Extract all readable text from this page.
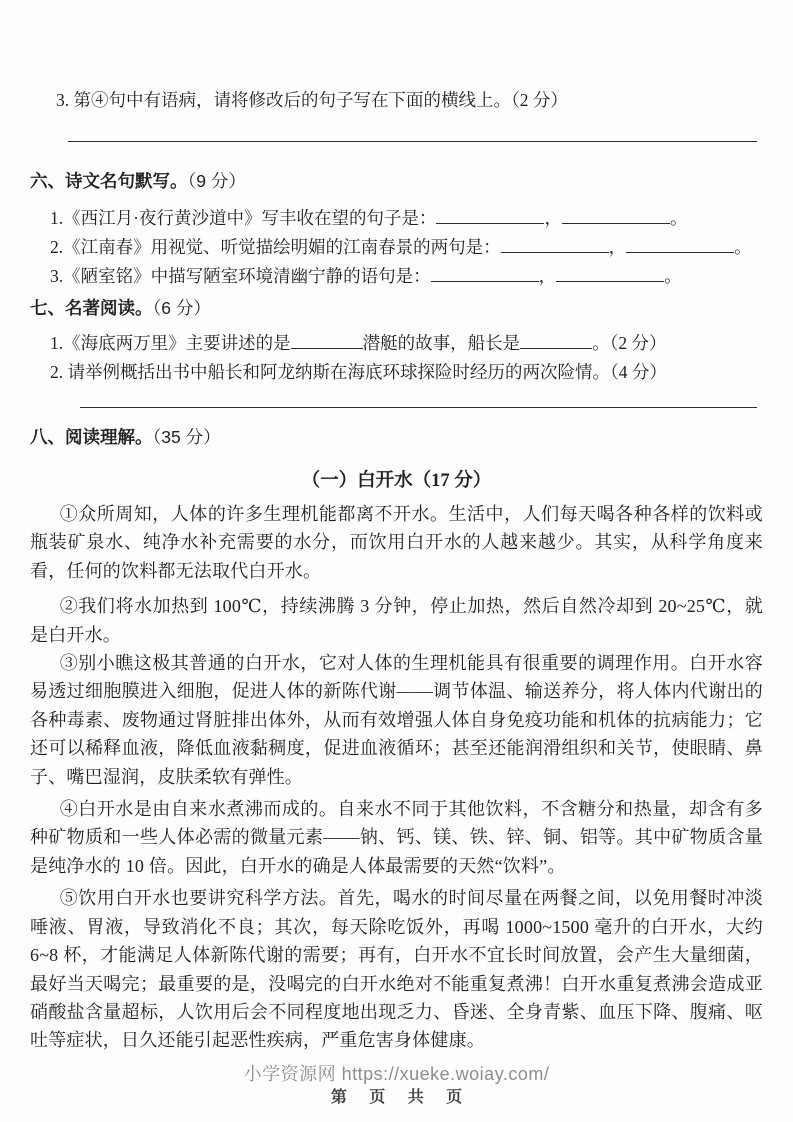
3. 第④句中有语病，请将修改后的句子写在下面的横线上。（2 分）
六、诗文名句默写。（9 分）
1.《西江月·夜行黄沙道中》写丰收在望的句子是：	，	。
2.《江南春》用视觉、听觉描绘明媚的江南春景的两句是：	，	。
3.《陋室铭》中描写陋室环境清幽宁静的语句是：	，	。
七、名著阅读。（6 分）
1.《海底两万里》主要讲述的是	潜艇的故事，船长是	。（2 分）
2. 请举例概括出书中船长和阿龙纳斯在海底环球探险时经历的两次险情。（4 分）
八、阅读理解。（35 分）
（一）白开水（17 分）

①众所周知，人体的许多生理机能都离不开水。生活中，人们每天喝各种各样的饮料或瓶装矿泉水、纯净水补充需要的水分，而饮用白开水的人越来越少。其实，从科学角度来看，任何的饮料都无法取代白开水。

②我们将水加热到 100℃，持续沸腾 3 分钟，停止加热，然后自然冷却到 20~25℃，就是白开水。

③别小瞧这极其普通的白开水，它对人体的生理机能具有很重要的调理作用。白开水容易透过细胞膜进入细胞，促进人体的新陈代谢——调节体温、输送养分，将人体内代谢出的各种毒素、废物通过肾脏排出体外，从而有效增强人体自身免疫功能和机体的抗病能力；它还可以稀释血液，降低血液黏稠度，促进血液循环；甚至还能润滑组织和关节，使眼睛、鼻子、嘴巴湿润，皮肤柔软有弹性。

④白开水是由自来水煮沸而成的。自来水不同于其他饮料，不含糖分和热量，却含有多种矿物质和一些人体必需的微量元素——钠、钙、镁、铁、锌、铜、铝等。其中矿物质含量是纯净水的 10 倍。因此，白开水的确是人体最需要的天然“饮料”。

⑤饮用白开水也要讲究科学方法。首先，喝水的时间尽量在两餐之间，以免用餐时冲淡唾液、胃液，导致消化不良；其次，每天除吃饭外，再喝 1000~1500 毫升的白开水，大约 6~8 杯，才能满足人体新陈代谢的需要；再有，白开水不宜长时间放置，会产生大量细菌，最好当天喝完；最重要的是，没喝完的白开水绝对不能重复煮沸！白开水重复煮沸会造成亚硝酸盐含量超标，人饮用后会不同程度地出现乏力、昏迷、全身青紫、血压下降、腹痛、呕吐等症状，日久还能引起恶性疾病，严重危害身体健康。

小学资源网 https://xueke.woiay.com/
第 页 共 页
